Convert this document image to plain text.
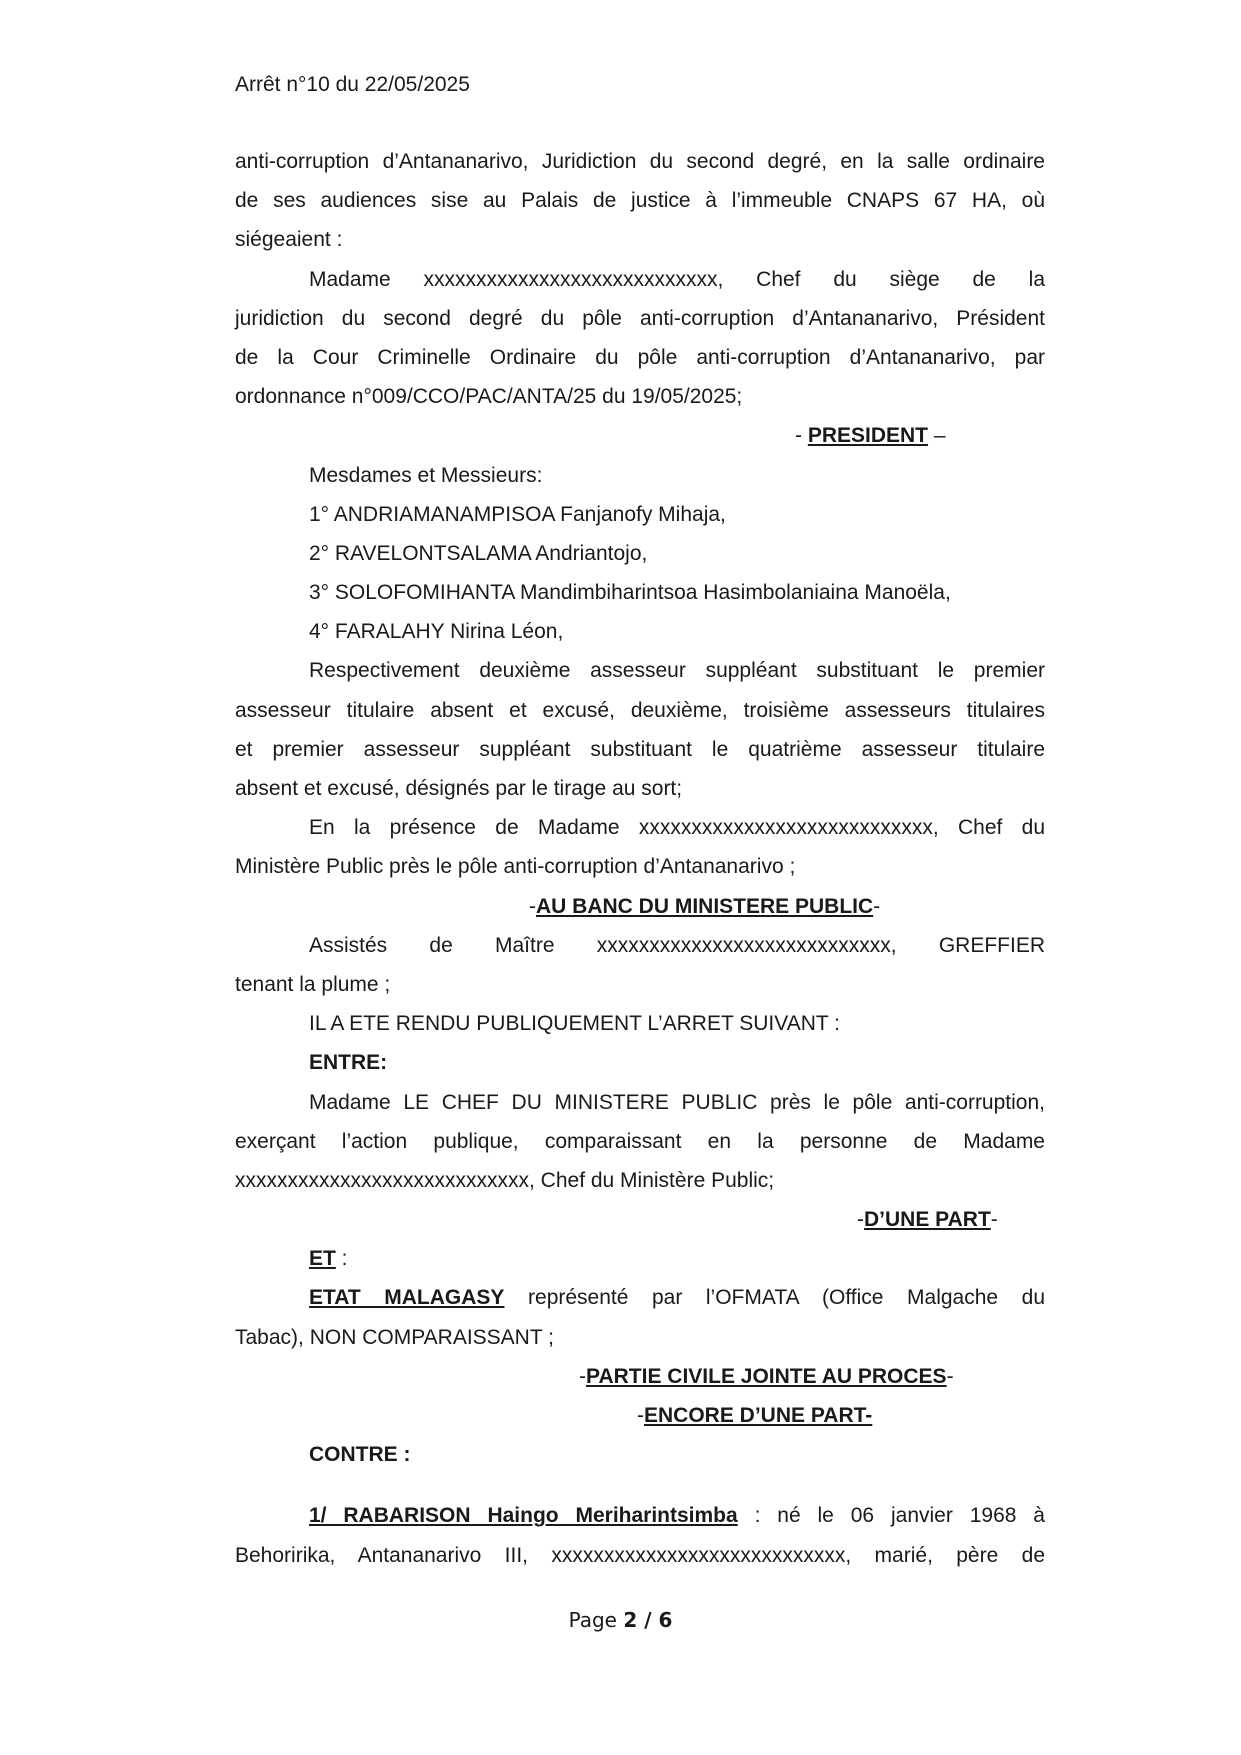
Arrêt n°10 du 22/05/2025
anti-corruption d’Antananarivo, Juridiction du second degré, en la salle ordinaire
de ses audiences sise au Palais de justice à l’immeuble CNAPS 67 HA, où
siégeaient :
Madame xxxxxxxxxxxxxxxxxxxxxxxxxxxx, Chef du siège de la
juridiction du second degré du pôle anti-corruption d’Antananarivo, Président
de la Cour Criminelle Ordinaire du pôle anti-corruption d’Antananarivo, par
ordonnance n°009/CCO/PAC/ANTA/25 du 19/05/2025;
- PRESIDENT –
Mesdames et Messieurs:
1° ANDRIAMANAMPISOA Fanjanofy Mihaja,
2° RAVELONTSALAMA Andriantojo,
3° SOLOFOMIHANTA Mandimbiharintsoa Hasimbolaniaina Manoëla,
4° FARALAHY Nirina Léon,
Respectivement deuxième assesseur suppléant substituant le premier
assesseur titulaire absent et excusé, deuxième, troisième assesseurs titulaires
et premier assesseur suppléant substituant le quatrième assesseur titulaire
absent et excusé, désignés par le tirage au sort;
En la présence de Madame xxxxxxxxxxxxxxxxxxxxxxxxxxxx, Chef du
Ministère Public près le pôle anti-corruption d’Antananarivo ;
-AU BANC DU MINISTERE PUBLIC-
Assistés de Maître xxxxxxxxxxxxxxxxxxxxxxxxxxxx, GREFFIER
tenant la plume ;
IL A ETE RENDU PUBLIQUEMENT L’ARRET SUIVANT :
ENTRE:
Madame LE CHEF DU MINISTERE PUBLIC près le pôle anti-corruption,
exerçant l’action publique, comparaissant en la personne de Madame
xxxxxxxxxxxxxxxxxxxxxxxxxxxx, Chef du Ministère Public;
-D’UNE PART-
ET :
ETAT MALAGASY représenté par l’OFMATA (Office Malgache du
Tabac), NON COMPARAISSANT ;
-PARTIE CIVILE JOINTE AU PROCES-
-ENCORE D’UNE PART-
CONTRE :
1/ RABARISON Haingo Meriharintsimba : né le 06 janvier 1968 à
Behoririka, Antananarivo III, xxxxxxxxxxxxxxxxxxxxxxxxxxxx, marié, père de
Page 2 / 6
